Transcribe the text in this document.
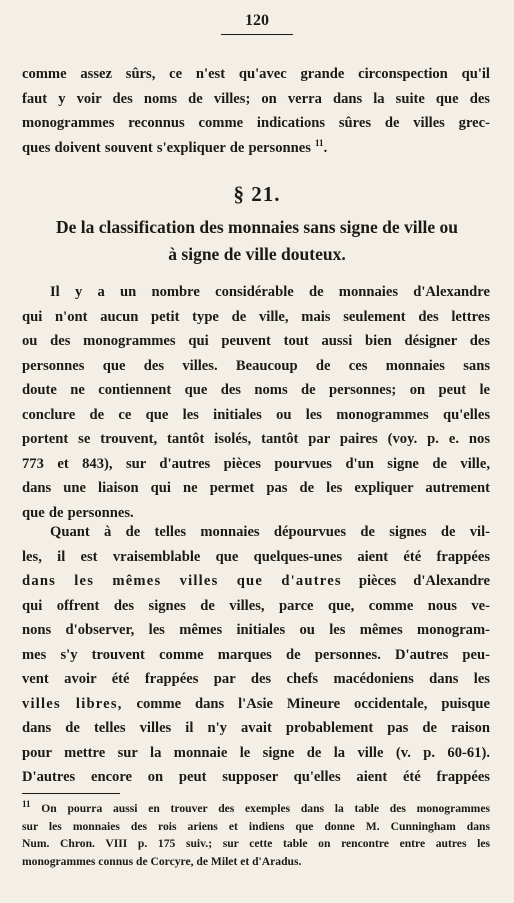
120
comme assez sûrs, ce n'est qu'avec grande circonspection qu'il
faut y voir des noms de villes; on verra dans la suite que des
monogrammes reconnus comme indications sûres de villes grec-
ques doivent souvent s'expliquer de personnes $^{11}$.
§ 21.
De la classification des monnaies sans signe de ville ou
à signe de ville douteux.
Il y a un nombre considérable de monnaies d'Alexandre
qui n'ont aucun petit type de ville, mais seulement des lettres
ou des monogrammes qui peuvent tout aussi bien désigner des
personnes que des villes. Beaucoup de ces monnaies sans
doute ne contiennent que des noms de personnes; on peut le
conclure de ce que les initiales ou les monogrammes qu'elles
portent se trouvent, tantôt isolés, tantôt par paires (voy. p. e. nos
773 et 843), sur d'autres pièces pourvues d'un signe de ville,
dans une liaison qui ne permet pas de les expliquer autrement
que de personnes.
Quant à de telles monnaies dépourvues de signes de vil-
les, il est vraisemblable que quelques-unes aient été frappées
dans les mêmes villes que d'autres pièces d'Alexandre
qui offrent des signes de villes, parce que, comme nous ve-
nons d'observer, les mêmes initiales ou les mêmes monogram-
mes s'y trouvent comme marques de personnes. D'autres peu-
vent avoir été frappées par des chefs macédoniens dans les
villes libres, comme dans l'Asie Mineure occidentale, puisque
dans de telles villes il n'y avait probablement pas de raison
pour mettre sur la monnaie le signe de la ville (v. p. 60-61).
D'autres encore on peut supposer qu'elles aient été frappées
$^{11}$ On pourra aussi en trouver des exemples dans la table des monogrammes
sur les monnaies des rois ariens et indiens que donne M. Cunningham dans
Num. Chron. VIII p. 175 suiv.; sur cette table on rencontre entre autres les
monogrammes connus de Corcyre, de Milet et d'Aradus.
